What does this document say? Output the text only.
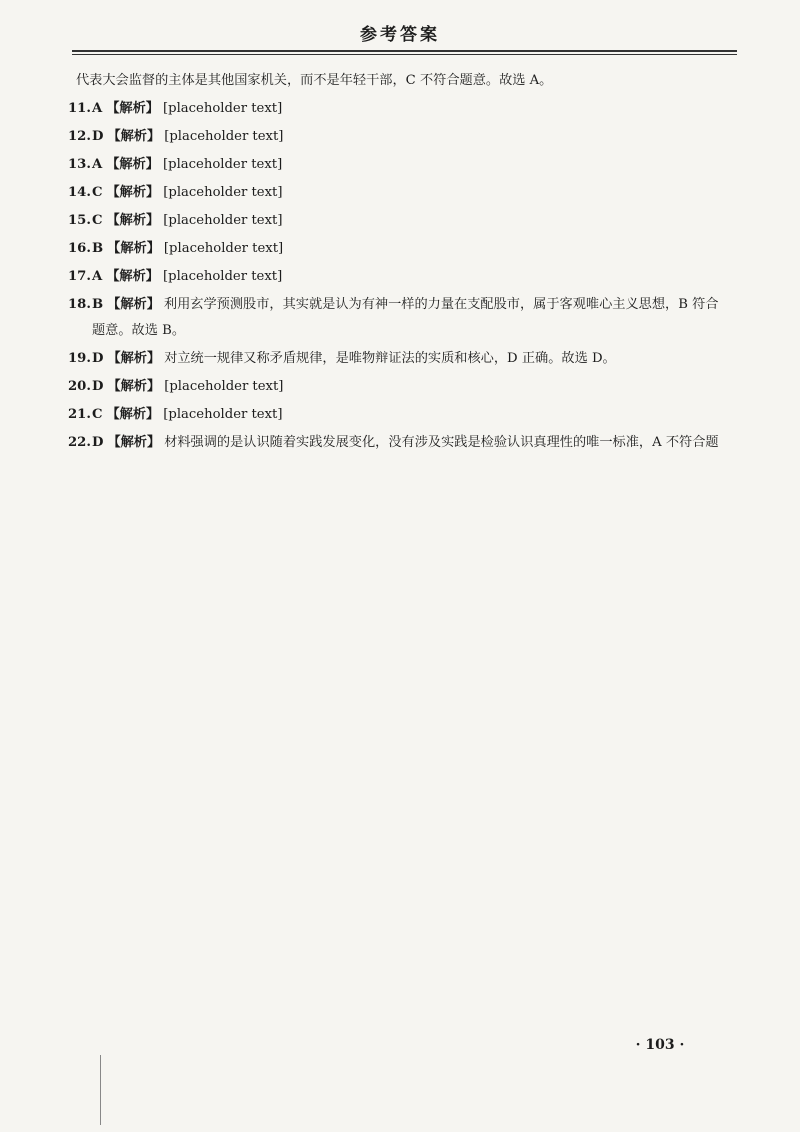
参考答案

代表大会监督的主体是其他国家机关，而不是年轻干部，C 不符合题意。故选 A。

11. A 【解析】 [placeholder text]
12. D 【解析】 [placeholder text]
13. A 【解析】 [placeholder text]
14. C 【解析】 [placeholder text]
15. C 【解析】 [placeholder text]
16. B 【解析】 [placeholder text]
17. A 【解析】 [placeholder text]
18. B 【解析】 利用玄学预测股市，其实就是认为有神一样的力量在支配股市，属于客观唯心主义思想，B 符合题意。故选 B。
19. D 【解析】 对立统一规律又称矛盾规律，是唯物辩证法的实质和核心，D 正确。故选 D。
20. D 【解析】 [placeholder text]
21. C 【解析】 [placeholder text]
22. D 【解析】 材料强调的是认识随着实践发展变化，没有涉及实践是检验认识真理性的唯一标准，A 不符合题
· 103 ·
